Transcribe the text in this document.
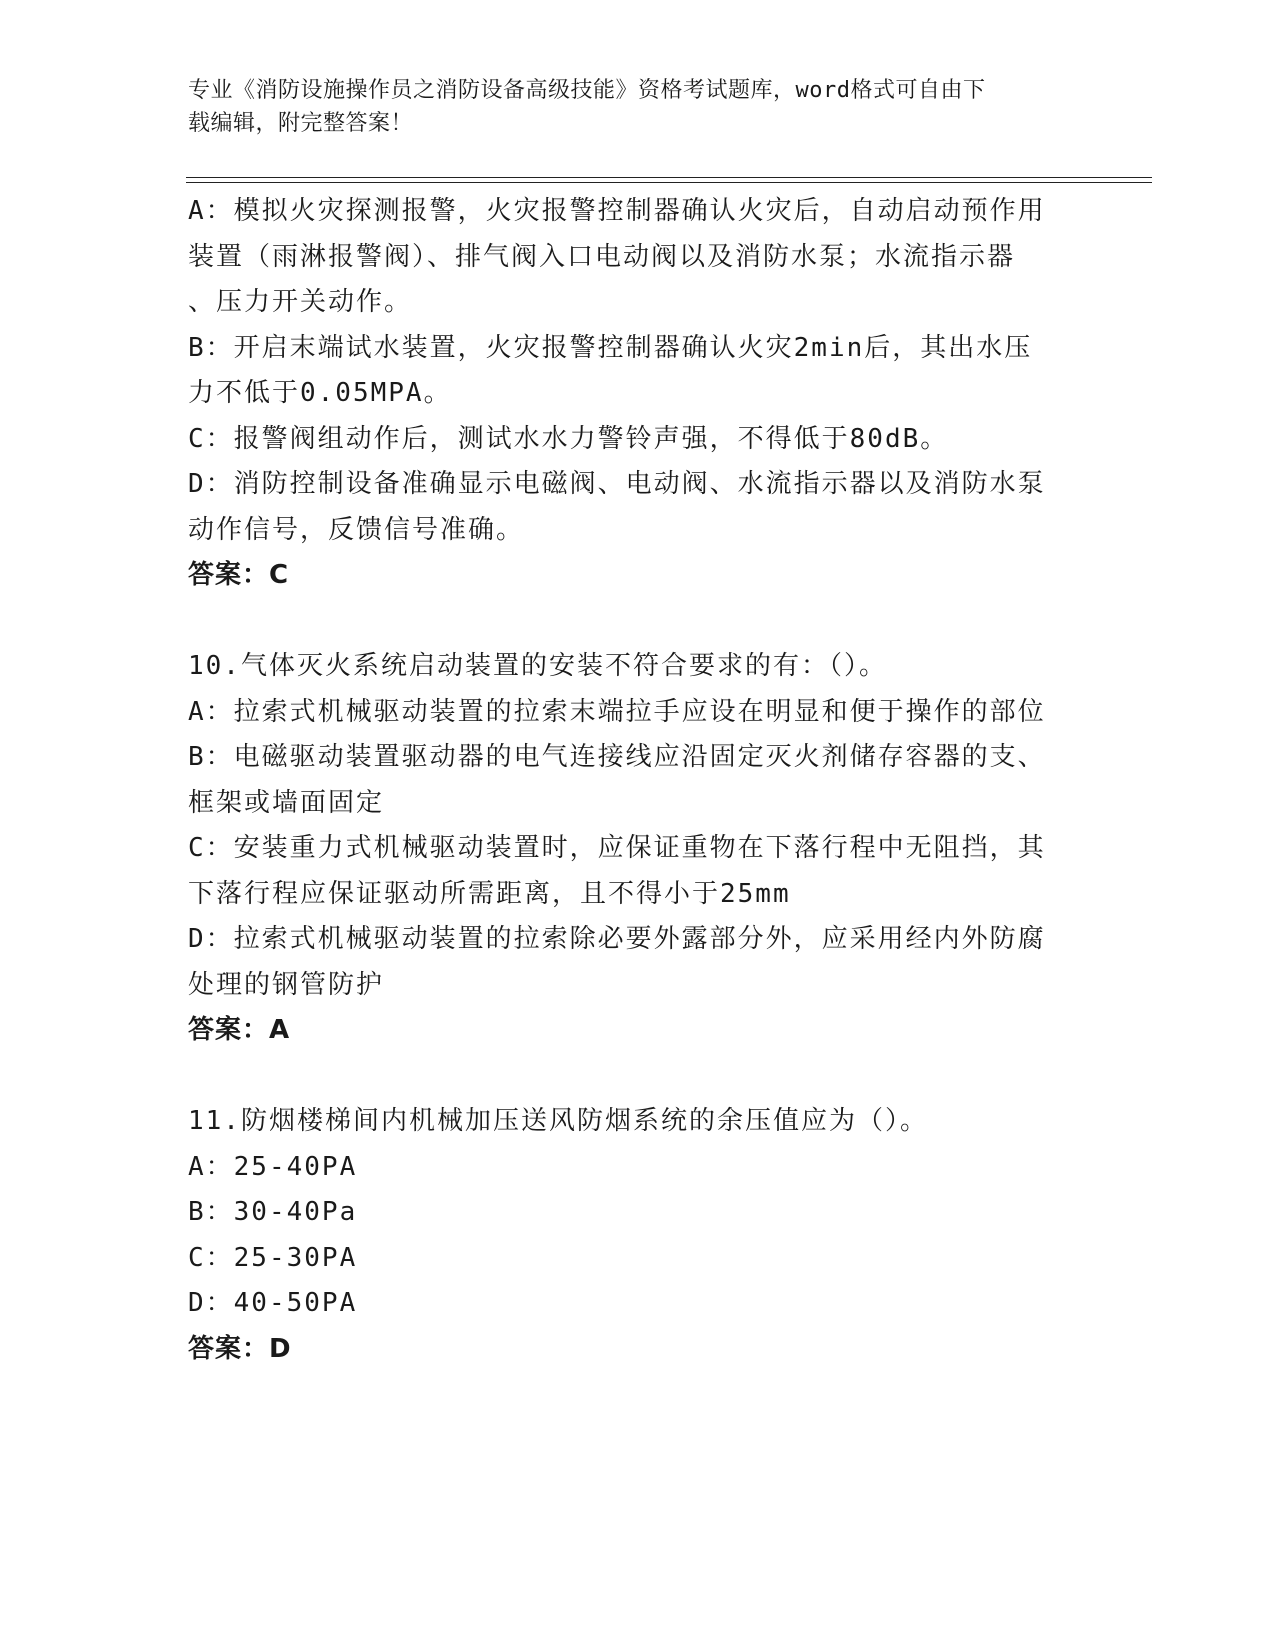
专业《消防设施操作员之消防设备高级技能》资格考试题库，word格式可自由下
载编辑，附完整答案！
A：模拟火灾探测报警，火灾报警控制器确认火灾后，自动启动预作用
装置（雨淋报警阀）、排气阀入口电动阀以及消防水泵；水流指示器
、压力开关动作。
B：开启末端试水装置，火灾报警控制器确认火灾2min后，其出水压
力不低于0.05MPA。
C：报警阀组动作后，测试水水力警铃声强，不得低于80dB。
D：消防控制设备准确显示电磁阀、电动阀、水流指示器以及消防水泵
动作信号，反馈信号准确。
答案：C
10.气体灭火系统启动装置的安装不符合要求的有：（）。
A：拉索式机械驱动装置的拉索末端拉手应设在明显和便于操作的部位
B：电磁驱动装置驱动器的电气连接线应沿固定灭火剂储存容器的支、
框架或墙面固定
C：安装重力式机械驱动装置时，应保证重物在下落行程中无阻挡，其
下落行程应保证驱动所需距离，且不得小于25mm
D：拉索式机械驱动装置的拉索除必要外露部分外，应采用经内外防腐
处理的钢管防护
答案：A
11.防烟楼梯间内机械加压送风防烟系统的余压值应为（）。
A：25-40PA
B：30-40Pa
C：25-30PA
D：40-50PA
答案：D
